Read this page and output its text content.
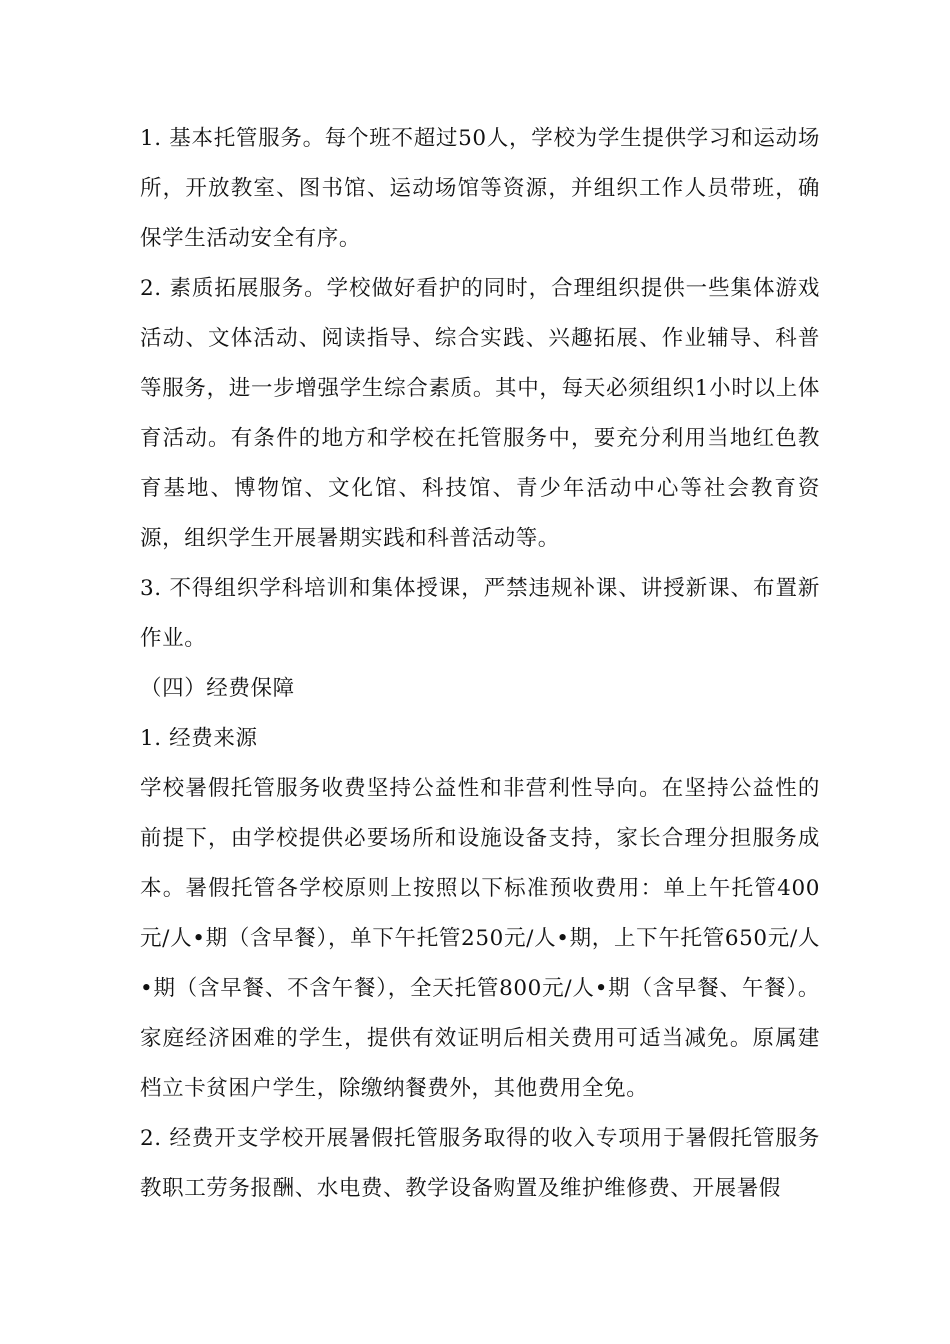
1. 基本托管服务。每个班不超过50人，学校为学生提供学习和运动场所，开放教室、图书馆、运动场馆等资源，并组织工作人员带班，确保学生活动安全有序。

2. 素质拓展服务。学校做好看护的同时，合理组织提供一些集体游戏活动、文体活动、阅读指导、综合实践、兴趣拓展、作业辅导、科普等服务，进一步增强学生综合素质。其中，每天必须组织1小时以上体育活动。有条件的地方和学校在托管服务中，要充分利用当地红色教育基地、博物馆、文化馆、科技馆、青少年活动中心等社会教育资源，组织学生开展暑期实践和科普活动等。

3. 不得组织学科培训和集体授课，严禁违规补课、讲授新课、布置新作业。

（四）经费保障

1. 经费来源

学校暑假托管服务收费坚持公益性和非营利性导向。在坚持公益性的前提下，由学校提供必要场所和设施设备支持，家长合理分担服务成本。暑假托管各学校原则上按照以下标准预收费用：单上午托管400元/人•期（含早餐），单下午托管250元/人•期，上下午托管650元/人•期（含早餐、不含午餐），全天托管800元/人•期（含早餐、午餐）。家庭经济困难的学生，提供有效证明后相关费用可适当减免。原属建档立卡贫困户学生，除缴纳餐费外，其他费用全免。

2. 经费开支学校开展暑假托管服务取得的收入专项用于暑假托管服务教职工劳务报酬、水电费、教学设备购置及维护维修费、开展暑假
